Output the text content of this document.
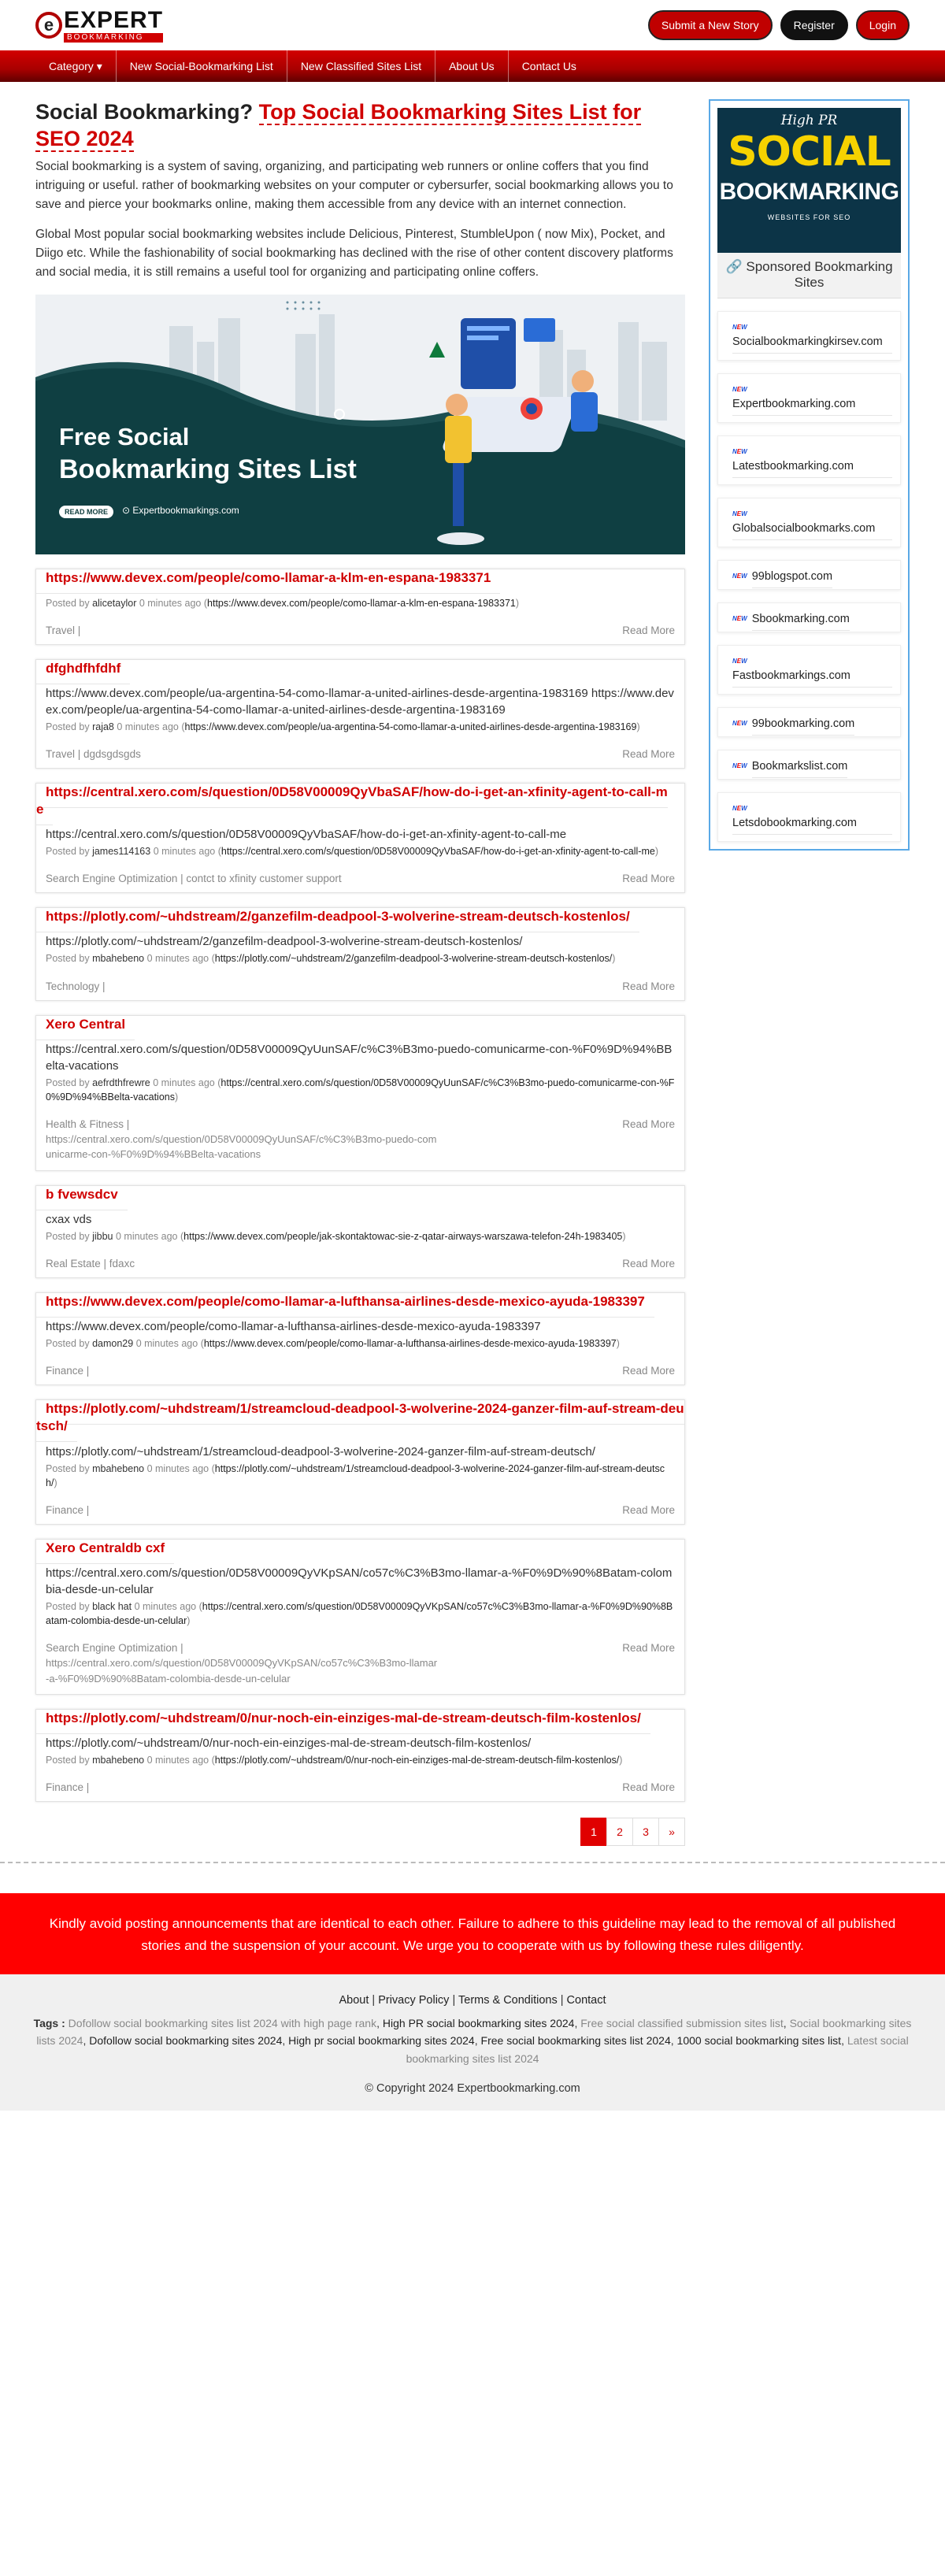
e EXPERT
BOOKMARKING
Submit a New Story	Register	Login
Category ▾	New Social-Bookmarking List	New Classified Sites List	About Us	Contact Us
Social Bookmarking? Top Social Bookmarking Sites List for SEO 2024

Social bookmarking is a system of saving, organizing, and participating web runners or online coffers that you find intriguing or useful. rather of bookmarking websites on your computer or cybersurfer, social bookmarking allows you to save and pierce your bookmarks online, making them accessible from any device with an internet connection.

Global Most popular social bookmarking websites include Delicious, Pinterest, StumbleUpon ( now Mix), Pocket, and Diigo etc. While the fashionability of social bookmarking has declined with the rise of other content discovery platforms and social media, it is still remains a useful tool for organizing and participating online coffers.

Free Social
Bookmarking Sites List
READ MORE	⊙ Expertbookmarkings.com
https://www.devex.com/people/como-llamar-a-klm-en-espana-1983371
Posted by alicetaylor 0 minutes ago (https://www.devex.com/people/como-llamar-a-klm-en-espana-1983371)
Travel |	Read More
dfghdfhfdhf
https://www.devex.com/people/ua-argentina-54-como-llamar-a-united-airlines-desde-argentina-1983169 https://www.devex.com/people/ua-argentina-54-como-llamar-a-united-airlines-desde-argentina-1983169
Posted by raja8 0 minutes ago (https://www.devex.com/people/ua-argentina-54-como-llamar-a-united-airlines-desde-argentina-1983169)
Travel | dgdsgdsgds	Read More
https://central.xero.com/s/question/0D58V00009QyVbaSAF/how-do-i-get-an-xfinity-agent-to-call-me
https://central.xero.com/s/question/0D58V00009QyVbaSAF/how-do-i-get-an-xfinity-agent-to-call-me
Posted by james114163 0 minutes ago (https://central.xero.com/s/question/0D58V00009QyVbaSAF/how-do-i-get-an-xfinity-agent-to-call-me)
Search Engine Optimization | contct to xfinity customer support	Read More
https://plotly.com/~uhdstream/2/ganzefilm-deadpool-3-wolverine-stream-deutsch-kostenlos/
https://plotly.com/~uhdstream/2/ganzefilm-deadpool-3-wolverine-stream-deutsch-kostenlos/
Posted by mbahebeno 0 minutes ago (https://plotly.com/~uhdstream/2/ganzefilm-deadpool-3-wolverine-stream-deutsch-kostenlos/)
Technology |	Read More
Xero Central
https://central.xero.com/s/question/0D58V00009QyUunSAF/c%C3%B3mo-puedo-comunicarme-con-%F0%9D%94%BBelta-vacations
Posted by aefrdthfrewre 0 minutes ago (https://central.xero.com/s/question/0D58V00009QyUunSAF/c%C3%B3mo-puedo-comunicarme-con-%F0%9D%94%BBelta-vacations)
Health & Fitness |
https://central.xero.com/s/question/0D58V00009QyUunSAF/c%C3%B3mo-puedo-comunicarme-con-%F0%9D%94%BBelta-vacations
Read More
b fvewsdcv
cxax vds
Posted by jibbu 0 minutes ago (https://www.devex.com/people/jak-skontaktowac-sie-z-qatar-airways-warszawa-telefon-24h-1983405)
Real Estate | fdaxc	Read More
https://www.devex.com/people/como-llamar-a-lufthansa-airlines-desde-mexico-ayuda-1983397
https://www.devex.com/people/como-llamar-a-lufthansa-airlines-desde-mexico-ayuda-1983397
Posted by damon29 0 minutes ago (https://www.devex.com/people/como-llamar-a-lufthansa-airlines-desde-mexico-ayuda-1983397)
Finance |	Read More
https://plotly.com/~uhdstream/1/streamcloud-deadpool-3-wolverine-2024-ganzer-film-auf-stream-deutsch/
https://plotly.com/~uhdstream/1/streamcloud-deadpool-3-wolverine-2024-ganzer-film-auf-stream-deutsch/
Posted by mbahebeno 0 minutes ago (https://plotly.com/~uhdstream/1/streamcloud-deadpool-3-wolverine-2024-ganzer-film-auf-stream-deutsch/)
Finance |	Read More
Xero Centraldb cxf
https://central.xero.com/s/question/0D58V00009QyVKpSAN/co57c%C3%B3mo-llamar-a-%F0%9D%90%8Batam-colombia-desde-un-celular
Posted by black hat 0 minutes ago (https://central.xero.com/s/question/0D58V00009QyVKpSAN/co57c%C3%B3mo-llamar-a-%F0%9D%90%8Batam-colombia-desde-un-celular)
Search Engine Optimization |
https://central.xero.com/s/question/0D58V00009QyVKpSAN/co57c%C3%B3mo-llamar-a-%F0%9D%90%8Batam-colombia-desde-un-celular
Read More
https://plotly.com/~uhdstream/0/nur-noch-ein-einziges-mal-de-stream-deutsch-film-kostenlos/
https://plotly.com/~uhdstream/0/nur-noch-ein-einziges-mal-de-stream-deutsch-film-kostenlos/
Posted by mbahebeno 0 minutes ago (https://plotly.com/~uhdstream/0/nur-noch-ein-einziges-mal-de-stream-deutsch-film-kostenlos/)
Finance |	Read More
1	2	3	»
High PR
SOCIAL
BOOKMARKING
WEBSITES FOR SEO
🔗 Sponsored Bookmarking Sites
NEW
Socialbookmarkingkirsev.com
NEW
Expertbookmarking.com
NEW
Latestbookmarking.com
NEW
Globalsocialbookmarks.com
NEW 99blogspot.com
NEW Sbookmarking.com
NEW
Fastbookmarkings.com
NEW 99bookmarking.com
NEW Bookmarkslist.com
NEW
Letsdobookmarking.com
Kindly avoid posting announcements that are identical to each other. Failure to adhere to this guideline may lead to the removal of all published stories and the suspension of your account. We urge you to cooperate with us by following these rules diligently.
About | Privacy Policy | Terms & Conditions | Contact
Tags : Dofollow social bookmarking sites list 2024 with high page rank, High PR social bookmarking sites 2024, Free social classified submission sites list, Social bookmarking sites lists 2024, Dofollow social bookmarking sites 2024, High pr social bookmarking sites 2024, Free social bookmarking sites list 2024, 1000 social bookmarking sites list, Latest social bookmarking sites list 2024
© Copyright 2024 Expertbookmarking.com
